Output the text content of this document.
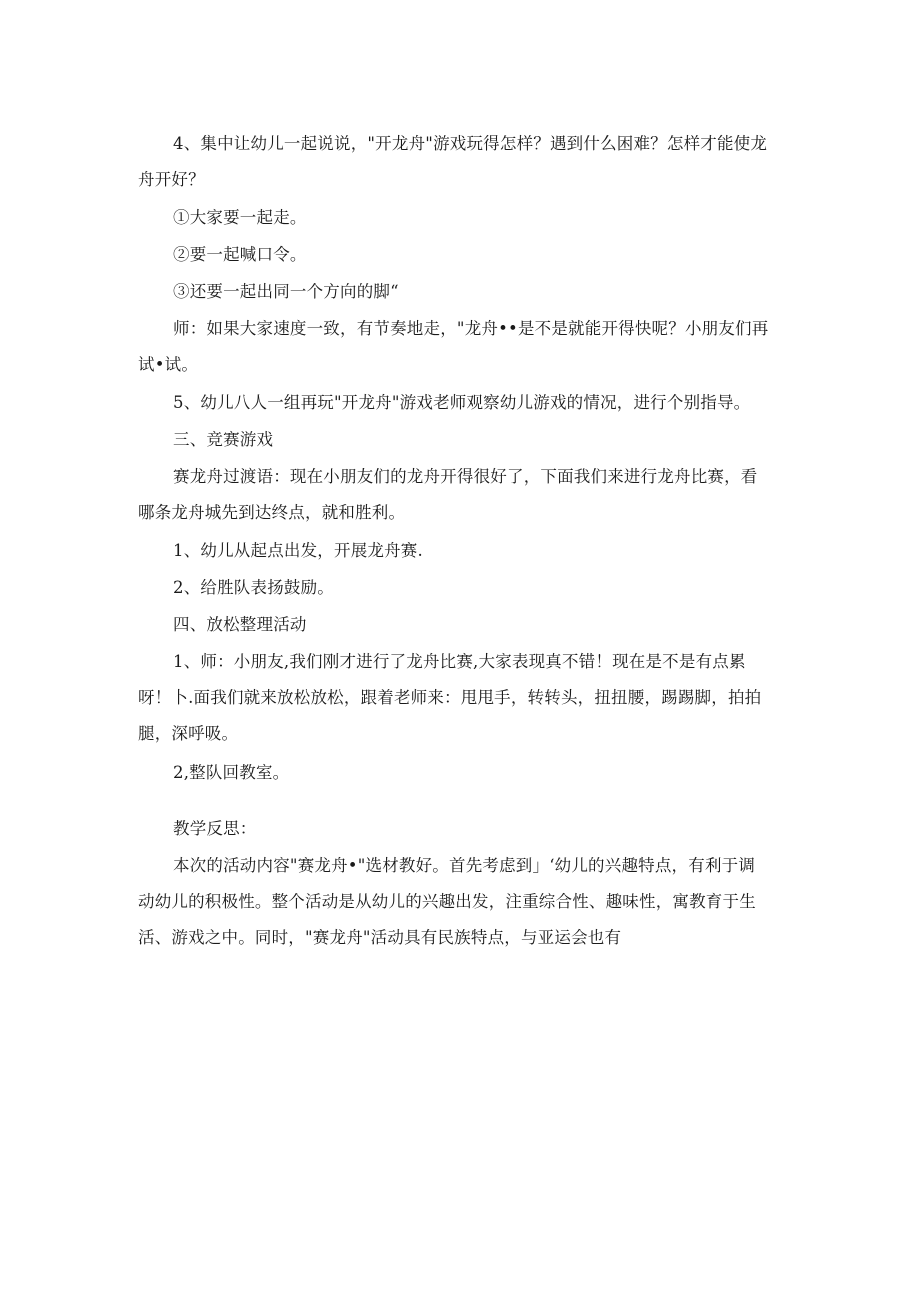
4、集中让幼儿一起说说，"开龙舟"游戏玩得怎样？遇到什么困难？怎样才能使龙
舟开好？
①大家要一起走。
②要一起喊口令。
③还要一起出同一个方向的脚“
师：如果大家速度一致，有节奏地走，"龙舟••是不是就能开得快呢？小朋友们再
试•试。
5、幼儿八人一组再玩"开龙舟"游戏老师观察幼儿游戏的情况，进行个别指导。
三、竞赛游戏
赛龙舟过渡语：现在小朋友们的龙舟开得很好了，下面我们来进行龙舟比赛，看
哪条龙舟城先到达终点，就和胜利。
1、幼儿从起点出发，开展龙舟赛.
2、给胜队表扬鼓励。
四、放松整理活动
1、师：小朋友,我们刚才进行了龙舟比赛,大家表现真不错！现在是不是有点累
呀！卜.面我们就来放松放松，跟着老师来：甩甩手，转转头，扭扭腰，踢踢脚，拍拍
腿，深呼吸。
2,整队回教室。
教学反思：
本次的活动内容"赛龙舟•"选材教好。首先考虑到」‘幼儿的兴趣特点，有利于调
动幼儿的积极性。整个活动是从幼儿的兴趣出发，注重综合性、趣味性，寓教育于生
活、游戏之中。同时，"赛龙舟"活动具有民族特点，与亚运会也有
